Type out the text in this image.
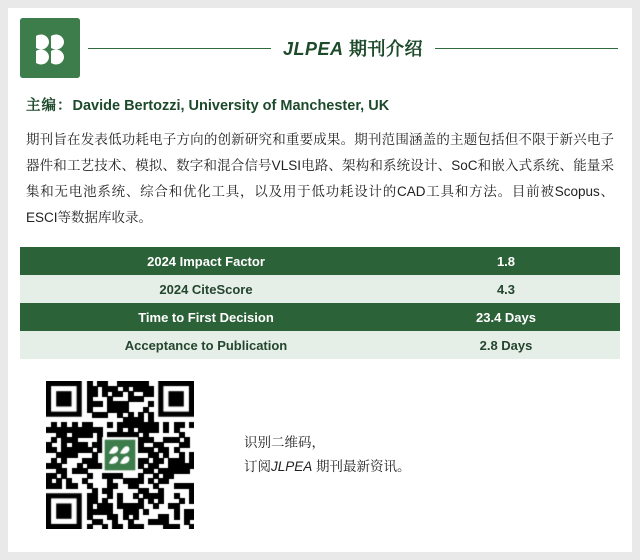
JLPEA 期刊介绍
主编：Davide Bertozzi, University of Manchester, UK
期刊旨在发表低功耗电子方向的创新研究和重要成果。期刊范围涵盖的主题包括但不限于新兴电子器件和工艺技术、模拟、数字和混合信号VLSI电路、架构和系统设计、SoC和嵌入式系统、能量采集和无电池系统、综合和优化工具，以及用于低功耗设计的CAD工具和方法。目前被Scopus、ESCI等数据库收录。
2024 Impact Factor	1.8
2024 CiteScore	4.3
Time to First Decision	23.4 Days
Acceptance to Publication	2.8 Days
识别二维码，
订阅JLPEA 期刊最新资讯。
